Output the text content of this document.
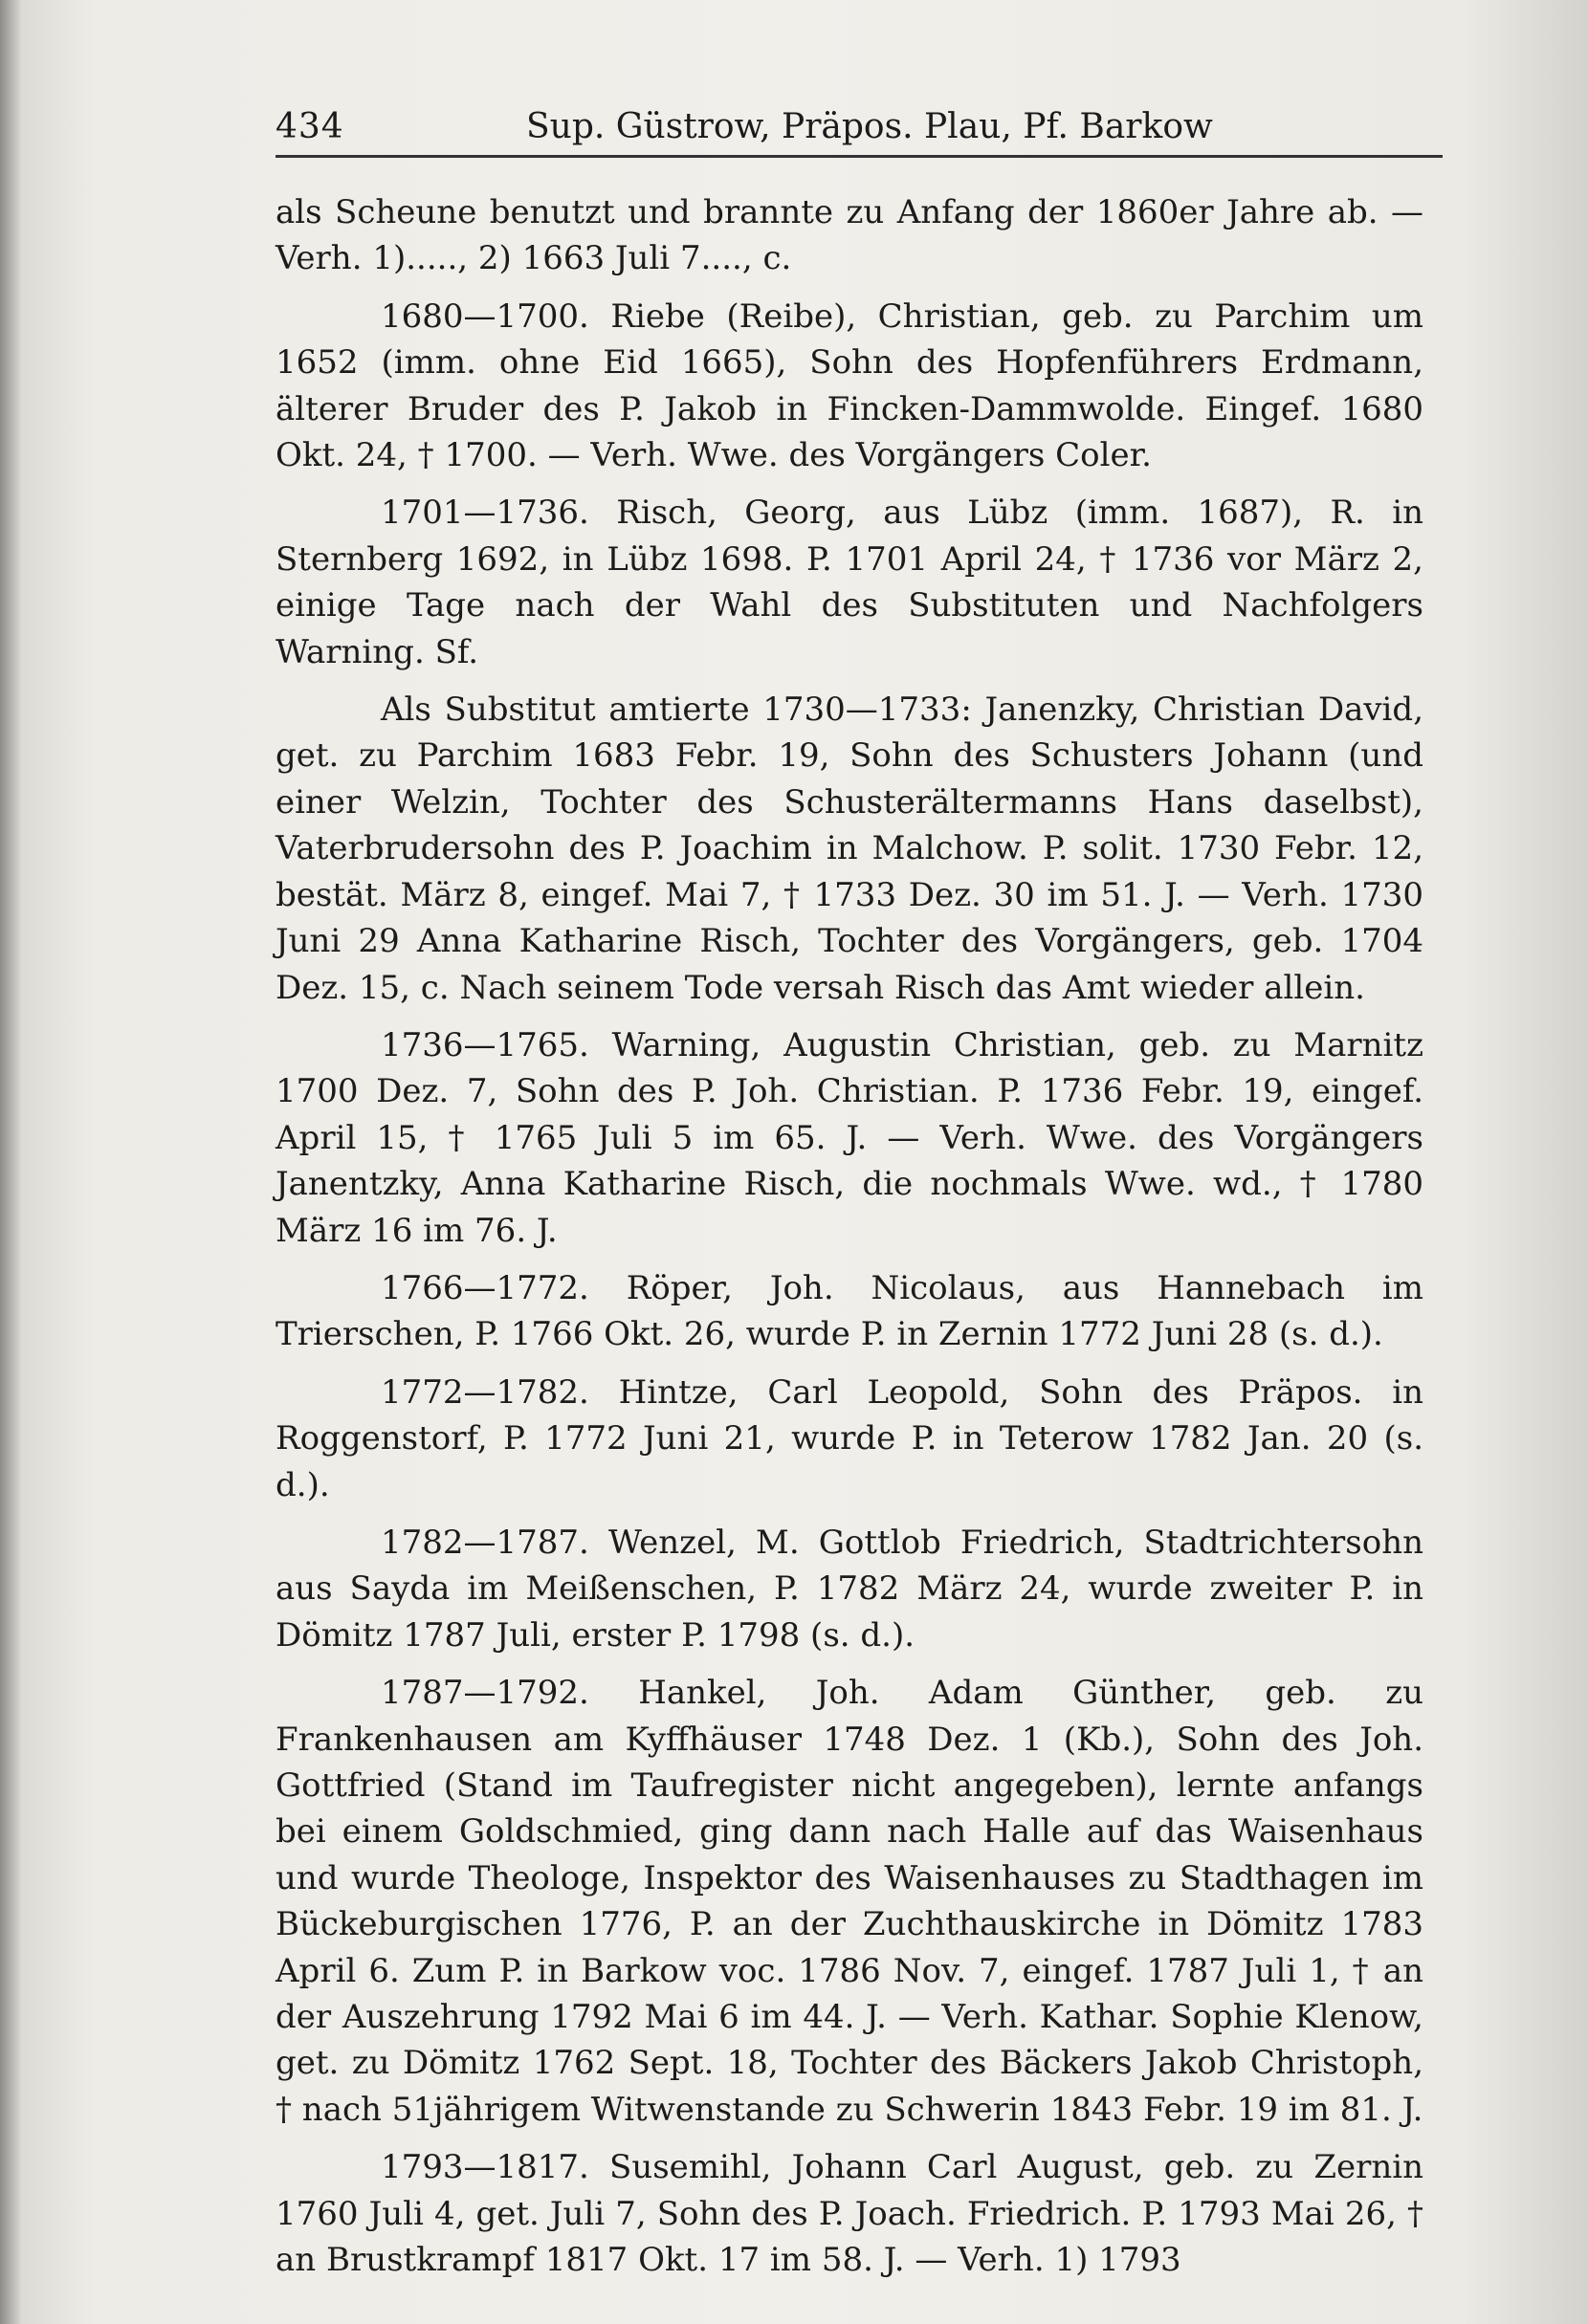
434	Sup. Güstrow, Präpos. Plau, Pf. Barkow

als Scheune benutzt und brannte zu Anfang der 1860er Jahre ab. — Verh. 1)....., 2) 1663 Juli 7...., c.

1680—1700. Riebe (Reibe), Christian, geb. zu Parchim um 1652 (imm. ohne Eid 1665), Sohn des Hopfenführers Erdmann, älterer Bruder des P. Jakob in Fincken-Dammwolde. Eingef. 1680 Okt. 24, † 1700. — Verh. Wwe. des Vorgängers Coler.

1701—1736. Risch, Georg, aus Lübz (imm. 1687), R. in Sternberg 1692, in Lübz 1698. P. 1701 April 24, † 1736 vor März 2, einige Tage nach der Wahl des Substituten und Nachfolgers Warning. Sf.

Als Substitut amtierte 1730—1733: Janenzky, Christian David, get. zu Parchim 1683 Febr. 19, Sohn des Schusters Johann (und einer Welzin, Tochter des Schusterältermanns Hans daselbst), Vaterbrudersohn des P. Joachim in Malchow. P. solit. 1730 Febr. 12, bestät. März 8, eingef. Mai 7, † 1733 Dez. 30 im 51. J. — Verh. 1730 Juni 29 Anna Katharine Risch, Tochter des Vorgängers, geb. 1704 Dez. 15, c. Nach seinem Tode versah Risch das Amt wieder allein.

1736—1765. Warning, Augustin Christian, geb. zu Marnitz 1700 Dez. 7, Sohn des P. Joh. Christian. P. 1736 Febr. 19, eingef. April 15, † 1765 Juli 5 im 65. J. — Verh. Wwe. des Vorgängers Janentzky, Anna Katharine Risch, die nochmals Wwe. wd., † 1780 März 16 im 76. J.

1766—1772. Röper, Joh. Nicolaus, aus Hannebach im Trierschen, P. 1766 Okt. 26, wurde P. in Zernin 1772 Juni 28 (s. d.).

1772—1782. Hintze, Carl Leopold, Sohn des Präpos. in Roggenstorf, P. 1772 Juni 21, wurde P. in Teterow 1782 Jan. 20 (s. d.).

1782—1787. Wenzel, M. Gottlob Friedrich, Stadtrichtersohn aus Sayda im Meißenschen, P. 1782 März 24, wurde zweiter P. in Dömitz 1787 Juli, erster P. 1798 (s. d.).

1787—1792. Hankel, Joh. Adam Günther, geb. zu Frankenhausen am Kyffhäuser 1748 Dez. 1 (Kb.), Sohn des Joh. Gottfried (Stand im Taufregister nicht angegeben), lernte anfangs bei einem Goldschmied, ging dann nach Halle auf das Waisenhaus und wurde Theologe, Inspektor des Waisenhauses zu Stadthagen im Bückeburgischen 1776, P. an der Zuchthauskirche in Dömitz 1783 April 6. Zum P. in Barkow voc. 1786 Nov. 7, eingef. 1787 Juli 1, † an der Auszehrung 1792 Mai 6 im 44. J. — Verh. Kathar. Sophie Klenow, get. zu Dömitz 1762 Sept. 18, Tochter des Bäckers Jakob Christoph, † nach 51jährigem Witwenstande zu Schwerin 1843 Febr. 19 im 81. J.

1793—1817. Susemihl, Johann Carl August, geb. zu Zernin 1760 Juli 4, get. Juli 7, Sohn des P. Joach. Friedrich. P. 1793 Mai 26, † an Brustkrampf 1817 Okt. 17 im 58. J. — Verh. 1) 1793
